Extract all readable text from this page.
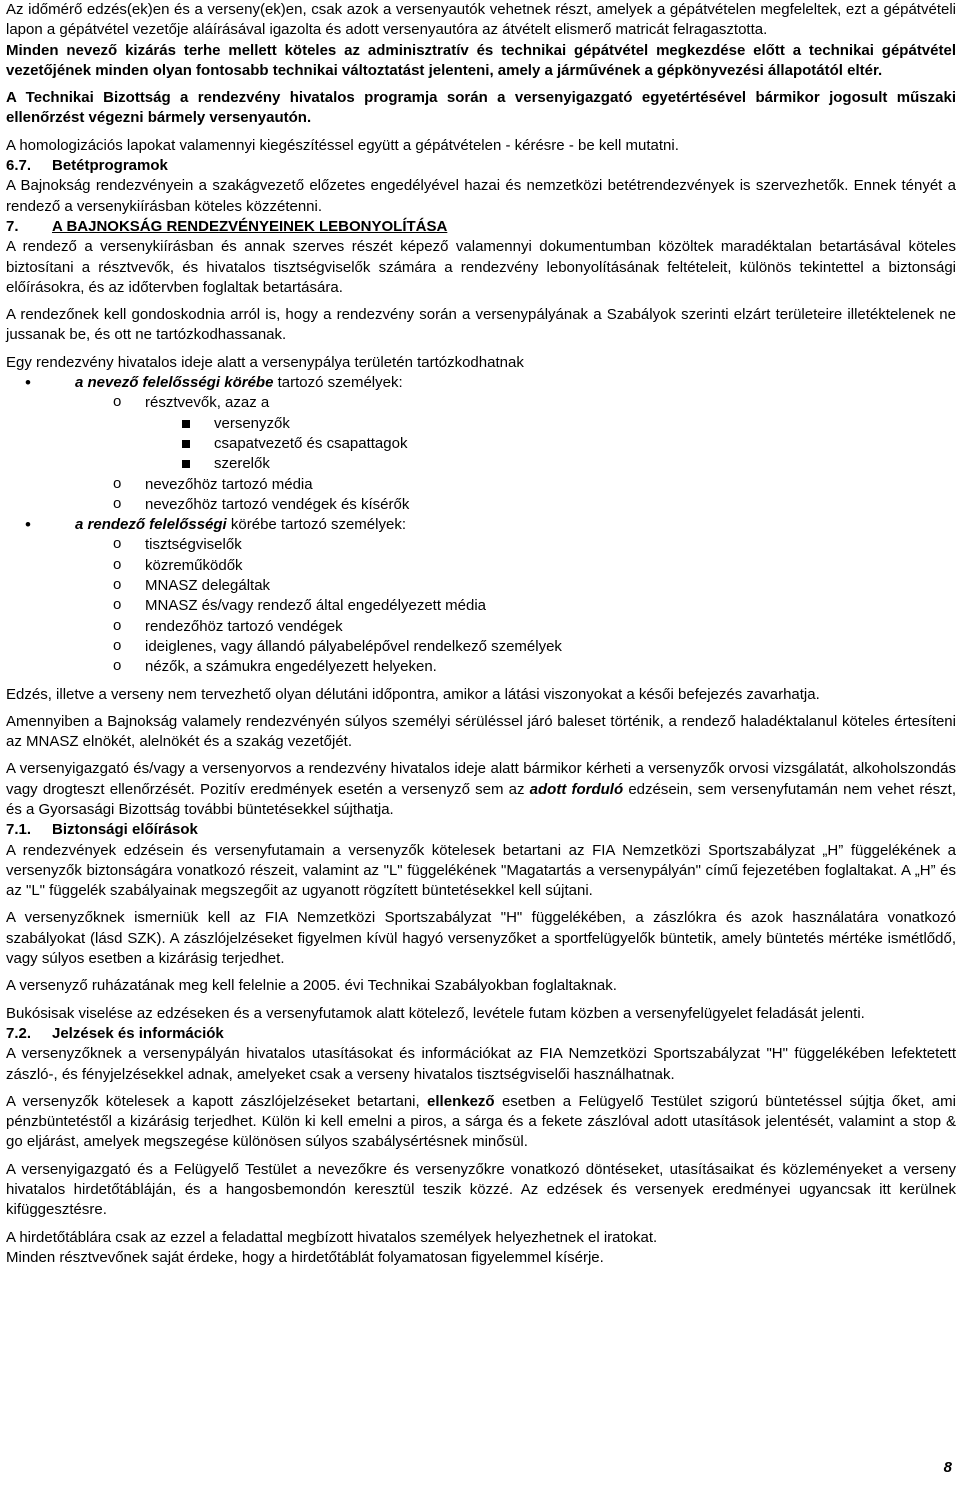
Az időmérő edzés(ek)en és a verseny(ek)en, csak azok a versenyautók vehetnek részt, amelyek a gépátvételen megfeleltek, ezt a gépátvételi lapon a gépátvétel vezetője aláírásával igazolta és adott versenyautóra az átvételt elismerő matricát felragasztotta.

Minden nevező kizárás terhe mellett köteles az adminisztratív és technikai gépátvétel megkezdése előtt a technikai gépátvétel vezetőjének minden olyan fontosabb technikai változtatást jelenteni, amely a járművének a gépkönyvezési állapotától eltér.

A Technikai Bizottság a rendezvény hivatalos programja során a versenyigazgató egyetértésével bármikor jogosult műszaki ellenőrzést végezni bármely versenyautón.

A homologizációs lapokat valamennyi kiegészítéssel együtt a gépátvételen - kérésre - be kell mutatni.

6.7. Betétprogramok

A Bajnokság rendezvényein a szakágvezető előzetes engedélyével hazai és nemzetközi betétrendezvények is szervezhetők. Ennek tényét a rendező a versenykiírásban köteles közzétenni.

7. A BAJNOKSÁG RENDEZVÉNYEINEK LEBONYOLÍTÁSA

A rendező a versenykiírásban és annak szerves részét képező valamennyi dokumentumban közöltek maradéktalan betartásával köteles biztosítani a résztvevők, és hivatalos tisztségviselők számára a rendezvény lebonyolításának feltételeit, különös tekintettel a biztonsági előírásokra, és az időtervben foglaltak betartására.

A rendezőnek kell gondoskodnia arról is, hogy a rendezvény során a versenypályának a Szabályok szerinti elzárt területeire illetéktelenek ne jussanak be, és ott ne tartózkodhassanak.

Egy rendezvény hivatalos ideje alatt a versenypálya területén tartózkodhatnak

•	a nevező felelősségi körébe tartozó személyek:
o résztvevők, azaz a
versenyzők
csapatvezető és csapattagok
szerelők
o nevezőhöz tartozó média
o nevezőhöz tartozó vendégek és kísérők
•	a rendező felelősségi körébe tartozó személyek:
o tisztségviselők
o közreműködők
o MNASZ delegáltak
o MNASZ és/vagy rendező által engedélyezett média
o rendezőhöz tartozó vendégek
o ideiglenes, vagy állandó pályabelépővel rendelkező személyek
o nézők, a számukra engedélyezett helyeken.

Edzés, illetve a verseny nem tervezhető olyan délutáni időpontra, amikor a látási viszonyokat a késői befejezés zavarhatja.

Amennyiben a Bajnokság valamely rendezvényén súlyos személyi sérüléssel járó baleset történik, a rendező haladéktalanul köteles értesíteni az MNASZ elnökét, alelnökét és a szakág vezetőjét.

A versenyigazgató és/vagy a versenyorvos a rendezvény hivatalos ideje alatt bármikor kérheti a versenyzők orvosi vizsgálatát, alkoholszondás vagy drogteszt ellenőrzését. Pozitív eredmények esetén a versenyző sem az adott forduló edzésein, sem versenyfutamán nem vehet részt, és a Gyorsasági Bizottság további büntetésekkel sújthatja.

7.1. Biztonsági előírások

A rendezvények edzésein és versenyfutamain a versenyzők kötelesek betartani az FIA Nemzetközi Sportszabályzat „H” függelékének a versenyzők biztonságára vonatkozó részeit, valamint az "L" függelékének "Magatartás a versenypályán" című fejezetében foglaltakat. A „H” és az "L" függelék szabályainak megszegőit az ugyanott rögzített büntetésekkel kell sújtani.

A versenyzőknek ismerniük kell az FIA Nemzetközi Sportszabályzat "H" függelékében, a zászlókra és azok használatára vonatkozó szabályokat (lásd SZK). A zászlójelzéseket figyelmen kívül hagyó versenyzőket a sportfelügyelők büntetik, amely büntetés mértéke ismétlődő, vagy súlyos esetben a kizárásig terjedhet.

A versenyző ruházatának meg kell felelnie a 2005. évi Technikai Szabályokban foglaltaknak.

Bukósisak viselése az edzéseken és a versenyfutamok alatt kötelező, levétele futam közben a versenyfelügyelet feladását jelenti.

7.2. Jelzések és információk

A versenyzőknek a versenypályán hivatalos utasításokat és információkat az FIA Nemzetközi Sportszabályzat "H" függelékében lefektetett zászló-, és fényjelzésekkel adnak, amelyeket csak a verseny hivatalos tisztségviselői használhatnak.

A versenyzők kötelesek a kapott zászlójelzéseket betartani, ellenkező esetben a Felügyelő Testület szigorú büntetéssel sújtja őket, ami pénzbüntetéstől a kizárásig terjedhet. Külön ki kell emelni a piros, a sárga és a fekete zászlóval adott utasítások jelentését, valamint a stop & go eljárást, amelyek megszegése különösen súlyos szabálysértésnek minősül.

A versenyigazgató és a Felügyelő Testület a nevezőkre és versenyzőkre vonatkozó döntéseket, utasításaikat és közleményeket a verseny hivatalos hirdetőtábláján, és a hangosbemondón keresztül teszik közzé. Az edzések és versenyek eredményei ugyancsak itt kerülnek kifüggesztésre.

A hirdetőtáblára csak az ezzel a feladattal megbízott hivatalos személyek helyezhetnek el iratokat.

Minden résztvevőnek saját érdeke, hogy a hirdetőtáblát folyamatosan figyelemmel kísérje.

8
